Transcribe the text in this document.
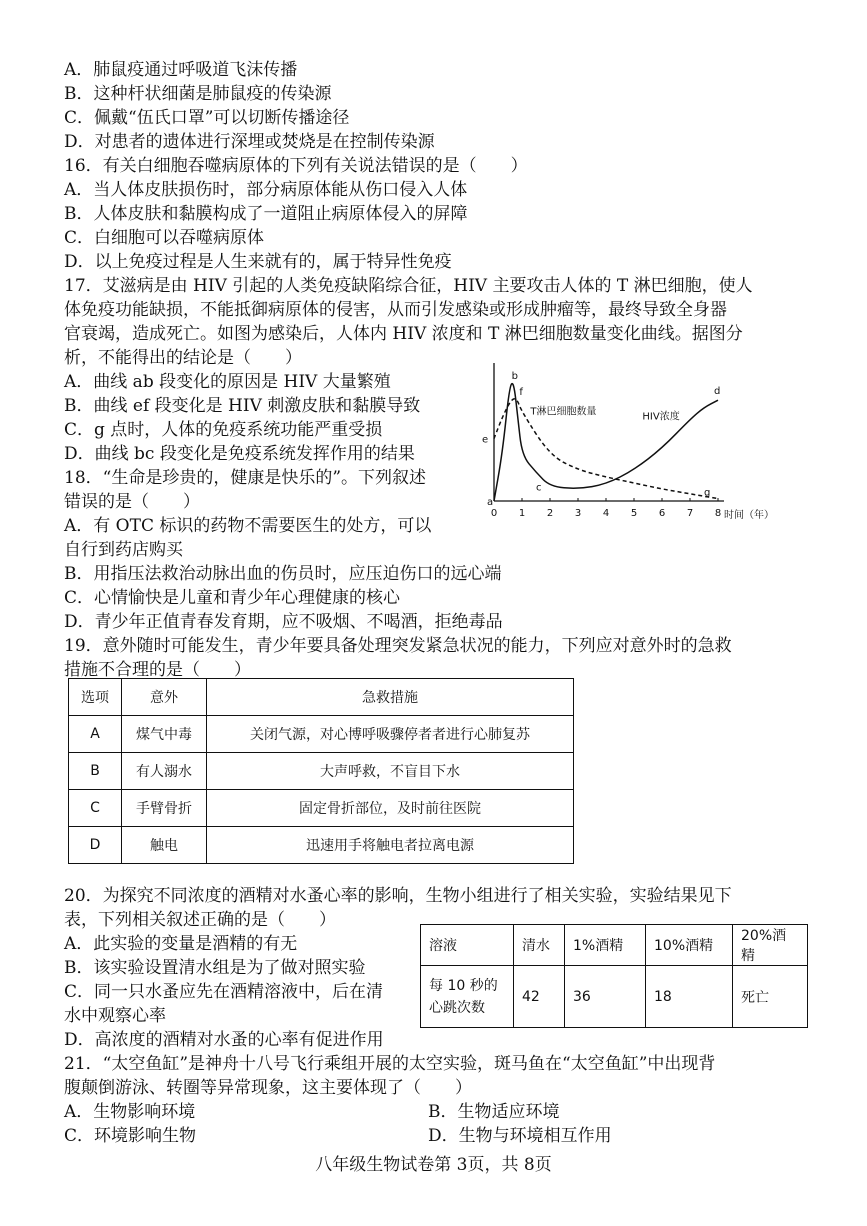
A．肺鼠疫通过呼吸道飞沫传播
B．这种杆状细菌是肺鼠疫的传染源
C．佩戴“伍氏口罩”可以切断传播途径
D．对患者的遗体进行深埋或焚烧是在控制传染源
16．有关白细胞吞噬病原体的下列有关说法错误的是（　　）
A．当人体皮肤损伤时，部分病原体能从伤口侵入人体
B．人体皮肤和黏膜构成了一道阻止病原体侵入的屏障
C．白细胞可以吞噬病原体
D．以上免疫过程是人生来就有的，属于特异性免疫
17．艾滋病是由 HIV 引起的人类免疫缺陷综合征，HIV 主要攻击人体的 T 淋巴细胞，使人
体免疫功能缺损，不能抵御病原体的侵害，从而引发感染或形成肿瘤等，最终导致全身器
官衰竭，造成死亡。如图为感染后，人体内 HIV 浓度和 T 淋巴细胞数量变化曲线。据图分
析，不能得出的结论是（　　）
A．曲线 ab 段变化的原因是 HIV 大量繁殖
B．曲线 ef 段变化是 HIV 刺激皮肤和黏膜导致
C．g 点时，人体的免疫系统功能严重受损
D．曲线 bc 段变化是免疫系统发挥作用的结果
18．“生命是珍贵的，健康是快乐的”。下列叙述
错误的是（　　）
A．有 OTC 标识的药物不需要医生的处方，可以
自行到药店购买
B．用指压法救治动脉出血的伤员时，应压迫伤口的远心端
C．心情愉快是儿童和青少年心理健康的核心
D．青少年正值青春发育期，应不吸烟、不喝酒，拒绝毒品
0 1 2 3 4 5 6 7 8 时间（年）
HIV浓度
T淋巴细胞数量
a
b
c
d
e
f
g
19．意外随时可能发生，青少年要具备处理突发紧急状况的能力，下列应对意外时的急救
措施不合理的是（　　）
选项	意外	急救措施
A	煤气中毒	关闭气源，对心博呼吸骤停者者进行心肺复苏
B	有人溺水	大声呼救，不盲目下水
C	手臂骨折	固定骨折部位，及时前往医院
D	触电	迅速用手将触电者拉离电源
20．为探究不同浓度的酒精对水蚤心率的影响，生物小组进行了相关实验，实验结果见下
表，下列相关叙述正确的是（　　）
A．此实验的变量是酒精的有无
B．该实验设置清水组是为了做对照实验
C．同一只水蚤应先在酒精溶液中，后在清
水中观察心率
D．高浓度的酒精对水蚤的心率有促进作用
溶液	清水	1%酒精	10%酒精	20%酒精

每 10 秒的
心跳次数	42	36	18	死亡
21．“太空鱼缸”是神舟十八号飞行乘组开展的太空实验，斑马鱼在“太空鱼缸”中出现背
腹颠倒游泳、转圈等异常现象，这主要体现了（　　）
A．生物影响环境	B．生物适应环境
C．环境影响生物	D．生物与环境相互作用
八年级生物试卷第 3页，共 8页
